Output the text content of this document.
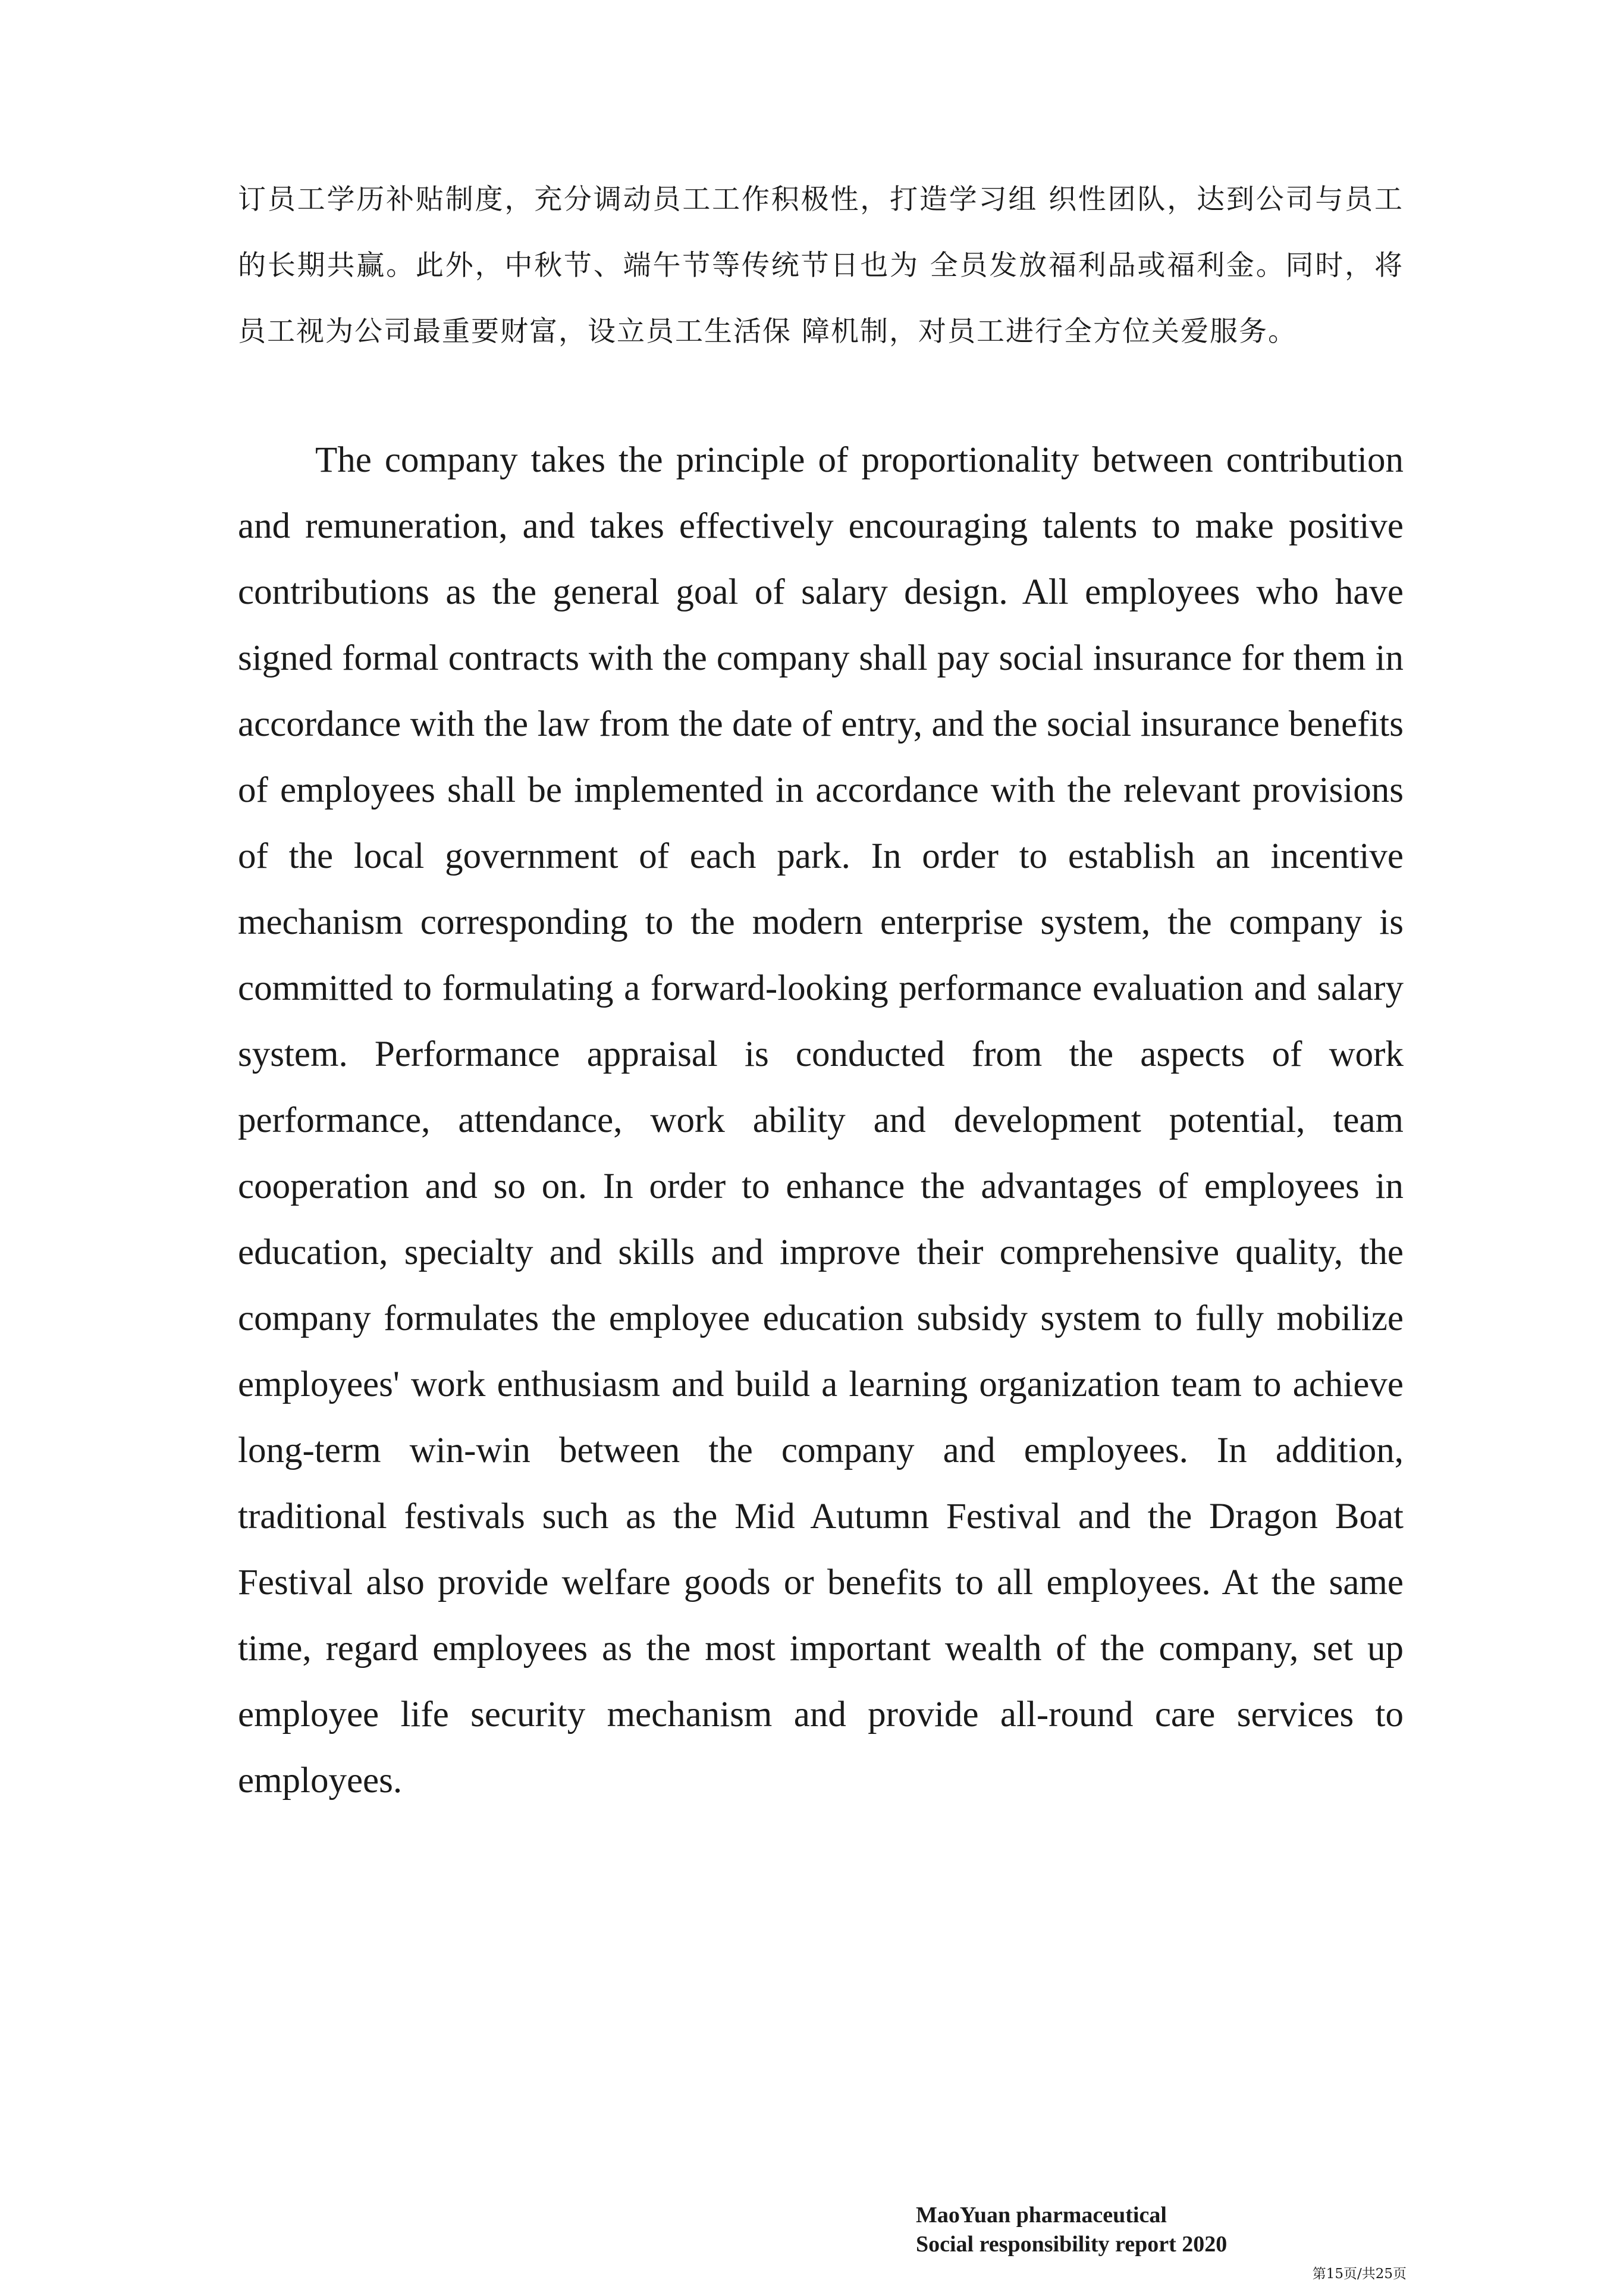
订员工学历补贴制度，充分调动员工工作积极性，打造学习组 织性团队，达到公司与员工的长期共赢。此外，中秋节、端午节等传统节日也为 全员发放福利品或福利金。同时，将员工视为公司最重要财富，设立员工生活保 障机制，对员工进行全方位关爱服务。

The company takes the principle of proportionality between contribution and remuneration, and takes effectively encouraging talents to make positive contributions as the general goal of salary design. All employees who have signed formal contracts with the company shall pay social insurance for them in accordance with the law from the date of entry, and the social insurance benefits of employees shall be implemented in accordance with the relevant provisions of the local government of each park. In order to establish an incentive mechanism corresponding to the modern enterprise system, the company is committed to formulating a forward-looking performance evaluation and salary system. Performance appraisal is conducted from the aspects of work performance, attendance, work ability and development potential, team cooperation and so on. In order to enhance the advantages of employees in education, specialty and skills and improve their comprehensive quality, the company formulates the employee education subsidy system to fully mobilize employees' work enthusiasm and build a learning organization team to achieve long-term win-win between the company and employees. In addition, traditional festivals such as the Mid Autumn Festival and the Dragon Boat Festival also provide welfare goods or benefits to all employees. At the same time, regard employees as the most important wealth of the company, set up employee life security mechanism and provide all-round care services to employees.

MaoYuan pharmaceutical
Social responsibility report 2020
第15页/共25页
